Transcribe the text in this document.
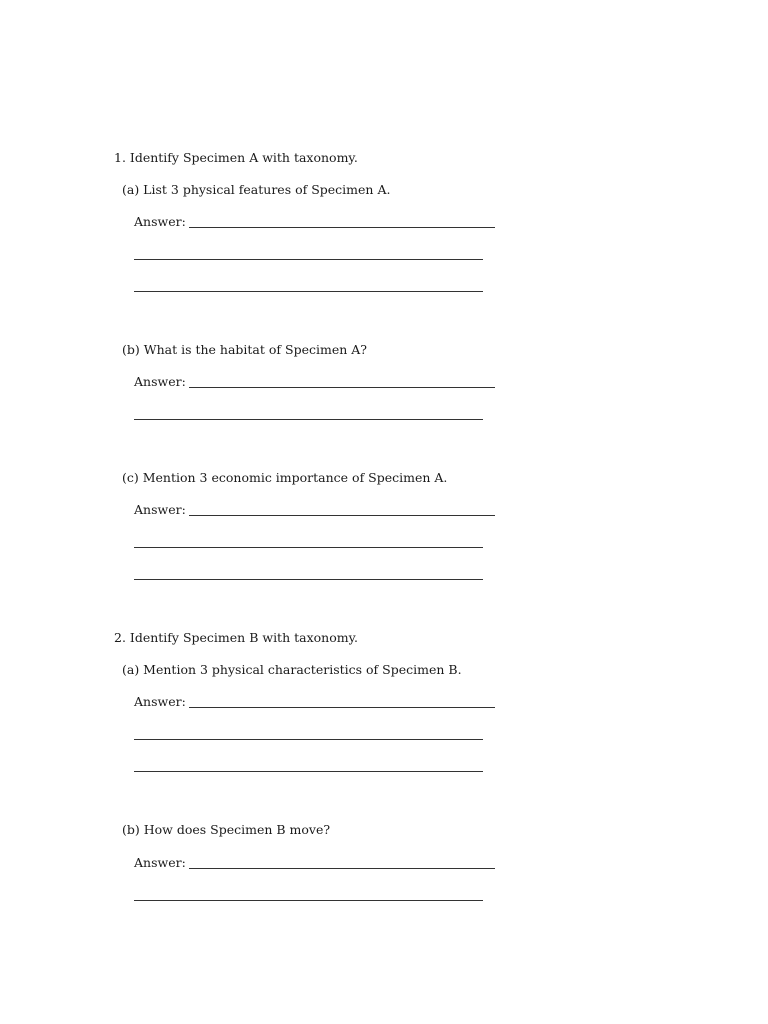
1. Identify Specimen A with taxonomy.
(a) List 3 physical features of Specimen A.
Answer:
(b) What is the habitat of Specimen A?
Answer:
(c) Mention 3 economic importance of Specimen A.
Answer:
2. Identify Specimen B with taxonomy.
(a) Mention 3 physical characteristics of Specimen B.
Answer:
(b) How does Specimen B move?
Answer:
